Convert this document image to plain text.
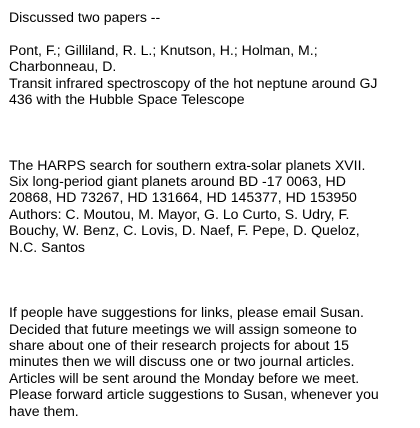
Discussed two papers --
Pont, F.; Gilliland, R. L.; Knutson, H.; Holman, M.;
Charbonneau, D.
Transit infrared spectroscopy of the hot neptune around GJ
436 with the Hubble Space Telescope
The HARPS search for southern extra-solar planets XVII.
Six long-period giant planets around BD -17 0063, HD
20868, HD 73267, HD 131664, HD 145377, HD 153950
Authors: C. Moutou, M. Mayor, G. Lo Curto, S. Udry, F.
Bouchy, W. Benz, C. Lovis, D. Naef, F. Pepe, D. Queloz,
N.C. Santos
If people have suggestions for links, please email Susan.
Decided that future meetings we will assign someone to
share about one of their research projects for about 15
minutes then we will discuss one or two journal articles.
Articles will be sent around the Monday before we meet.
Please forward article suggestions to Susan, whenever you
have them.
